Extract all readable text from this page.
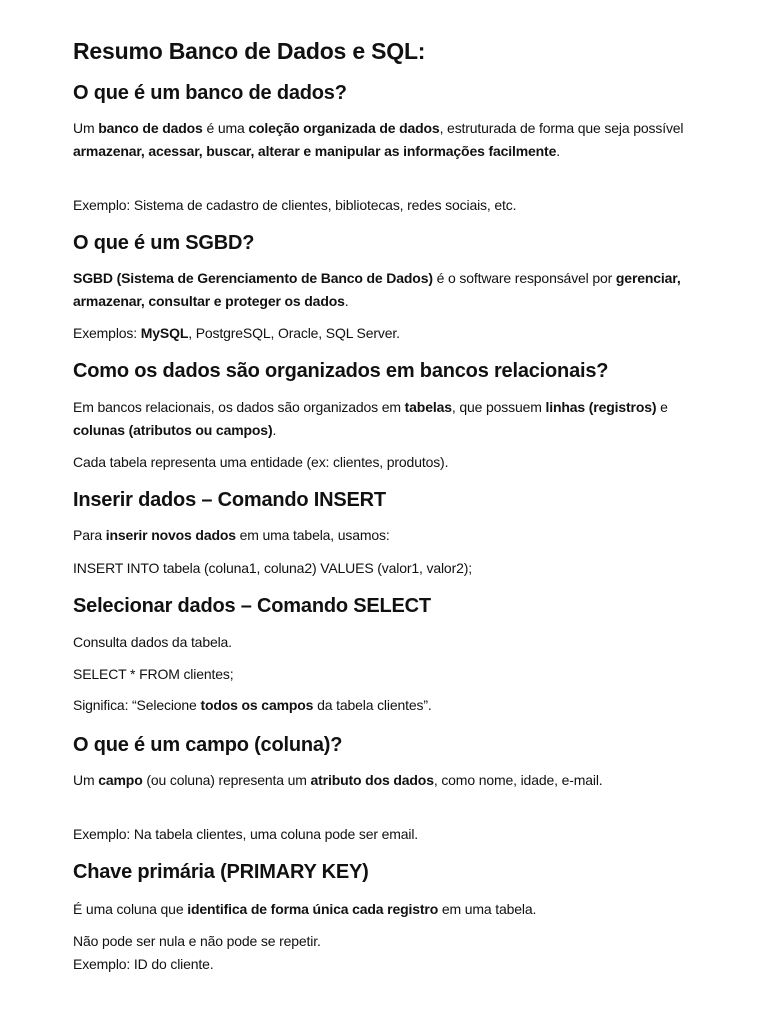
Resumo Banco de Dados e SQL:
O que é um banco de dados?

Um banco de dados é uma coleção organizada de dados, estruturada de forma que seja possível armazenar, acessar, buscar, alterar e manipular as informações facilmente.

Exemplo: Sistema de cadastro de clientes, bibliotecas, redes sociais, etc.

O que é um SGBD?

SGBD (Sistema de Gerenciamento de Banco de Dados) é o software responsável por gerenciar, armazenar, consultar e proteger os dados.

Exemplos: MySQL, PostgreSQL, Oracle, SQL Server.

Como os dados são organizados em bancos relacionais?

Em bancos relacionais, os dados são organizados em tabelas, que possuem linhas (registros) e colunas (atributos ou campos).

Cada tabela representa uma entidade (ex: clientes, produtos).

Inserir dados – Comando INSERT

Para inserir novos dados em uma tabela, usamos:

INSERT INTO tabela (coluna1, coluna2) VALUES (valor1, valor2);

Selecionar dados – Comando SELECT

Consulta dados da tabela.

SELECT * FROM clientes;

Significa: “Selecione todos os campos da tabela clientes”.

O que é um campo (coluna)?

Um campo (ou coluna) representa um atributo dos dados, como nome, idade, e-mail.

Exemplo: Na tabela clientes, uma coluna pode ser email.

Chave primária (PRIMARY KEY)

É uma coluna que identifica de forma única cada registro em uma tabela.

Não pode ser nula e não pode se repetir.
Exemplo: ID do cliente.
